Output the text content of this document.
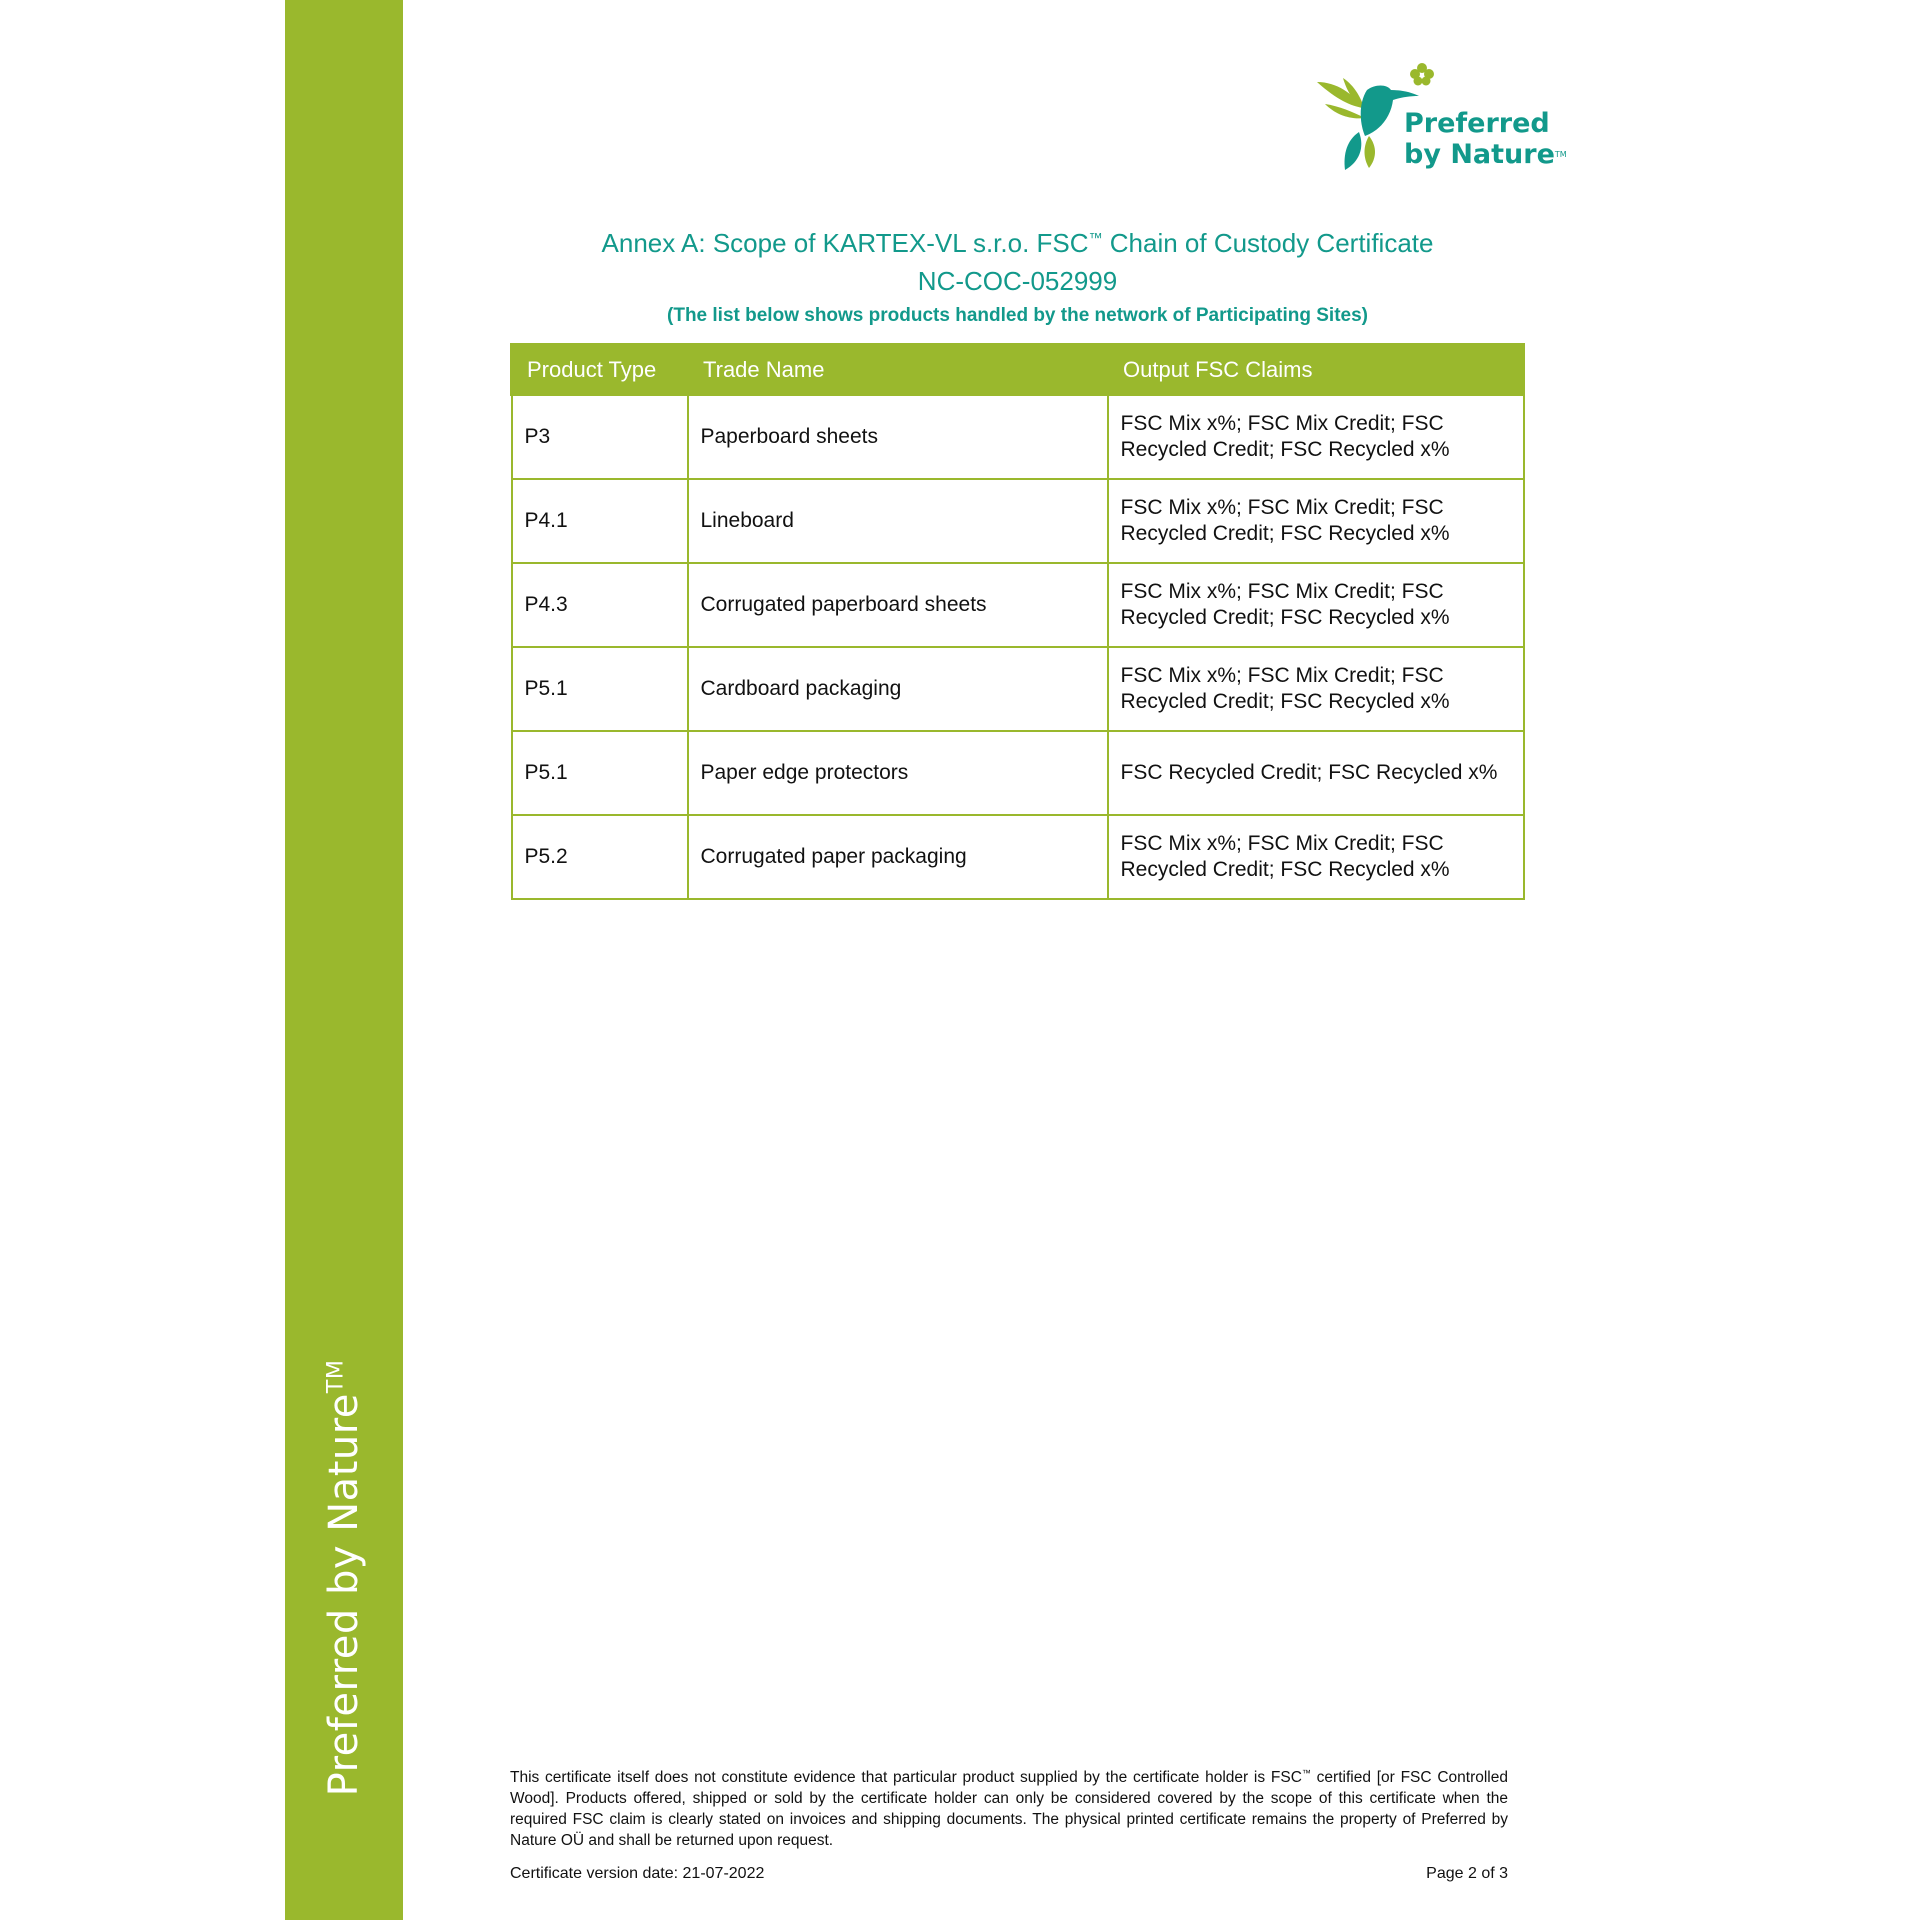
Preferred by Nature™
Preferred
by Nature™
Annex A: Scope of KARTEX-VL s.r.o. FSC™ Chain of Custody Certificate
NC-COC-052999
(The list below shows products handled by the network of Participating Sites)
Product Type	Trade Name	Output FSC Claims
P3	Paperboard sheets	FSC Mix x%; FSC Mix Credit; FSC
Recycled Credit; FSC Recycled x%

P4.1	Lineboard	FSC Mix x%; FSC Mix Credit; FSC
Recycled Credit; FSC Recycled x%

P4.3	Corrugated paperboard sheets	FSC Mix x%; FSC Mix Credit; FSC
Recycled Credit; FSC Recycled x%

P5.1	Cardboard packaging	FSC Mix x%; FSC Mix Credit; FSC
Recycled Credit; FSC Recycled x%

P5.1	Paper edge protectors	FSC Recycled Credit; FSC Recycled x%

P5.2	Corrugated paper packaging	FSC Mix x%; FSC Mix Credit; FSC
Recycled Credit; FSC Recycled x%
This certificate itself does not constitute evidence that particular product supplied by the certificate holder is FSC™ certified [or FSC Controlled Wood]. Products offered, shipped or sold by the certificate holder can only be considered covered by the scope of this certificate when the required FSC claim is clearly stated on invoices and shipping documents. The physical printed certificate remains the property of Preferred by Nature OÜ and shall be returned upon request.
Certificate version date: 21-07-2022	Page 2 of 3
